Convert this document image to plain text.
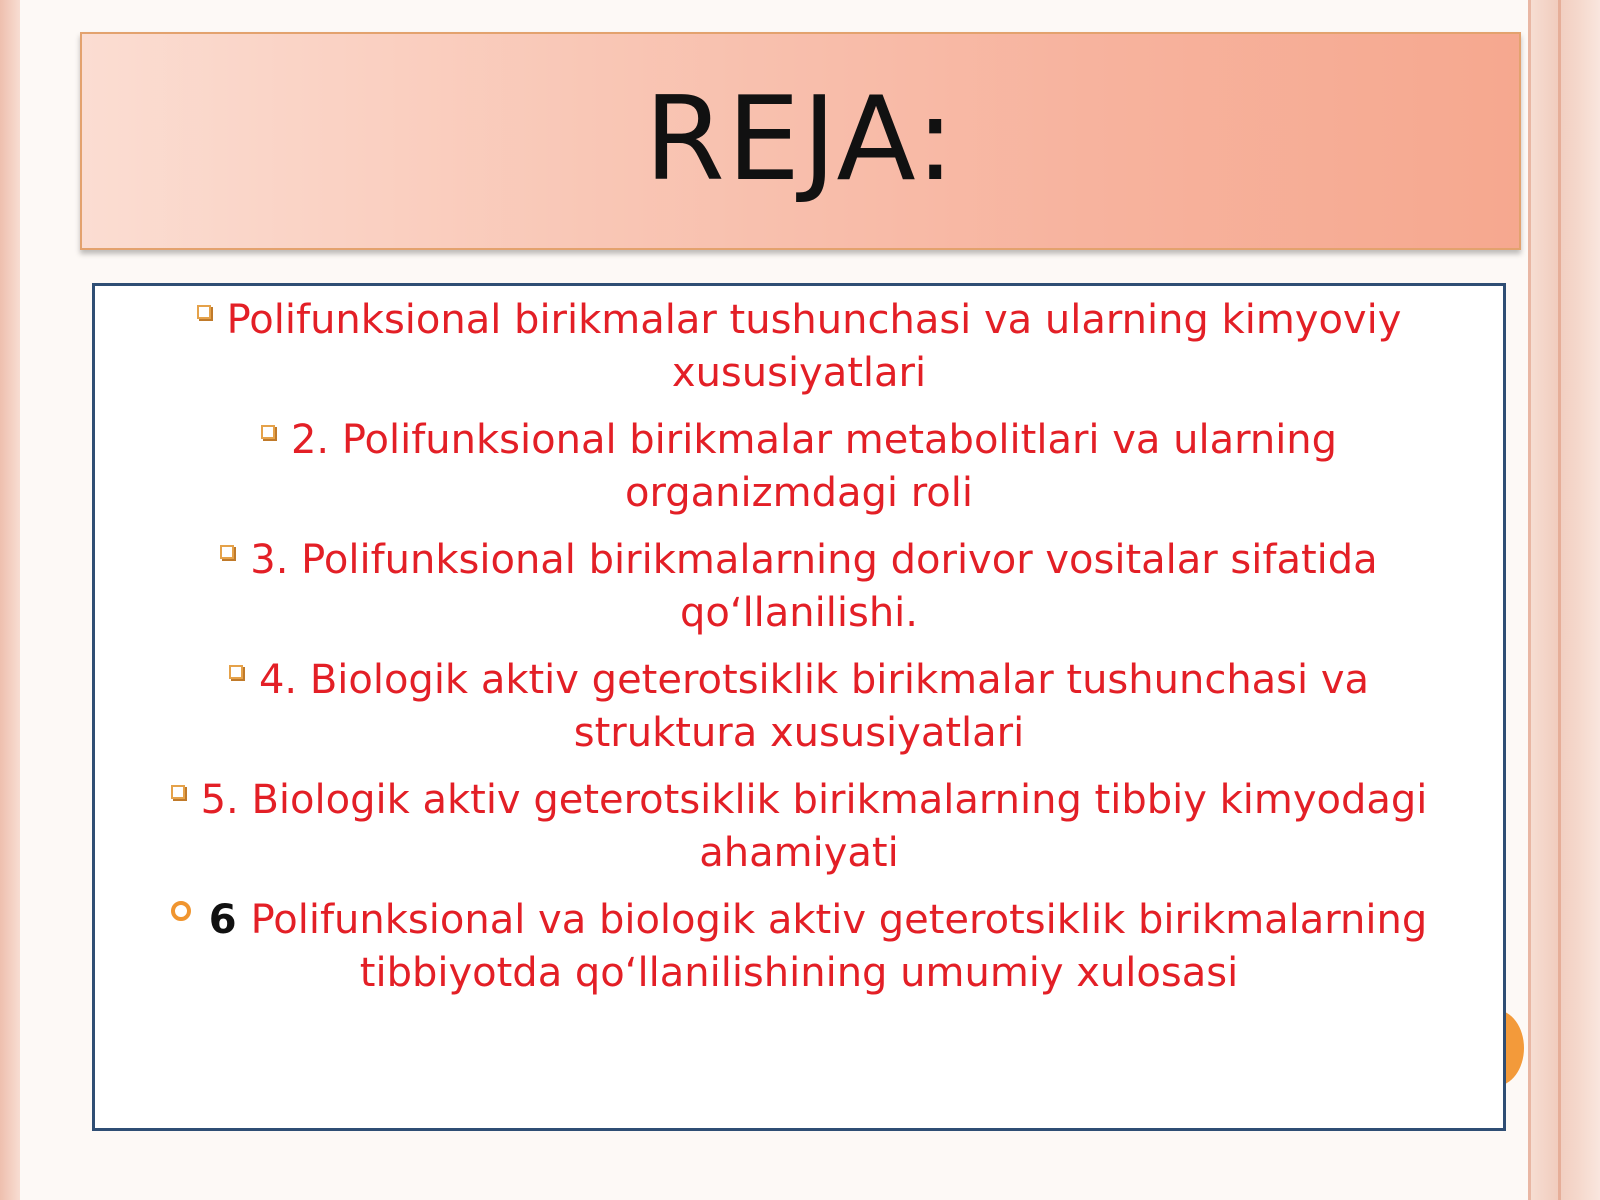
REJA:
Polifunksional birikmalar tushunchasi va ularning kimyoviy
xususiyatlari
2. Polifunksional birikmalar metabolitlari va ularning
organizmdagi roli
3. Polifunksional birikmalarning dorivor vositalar sifatida
qo‘llanilishi.
4. Biologik aktiv geterotsiklik birikmalar tushunchasi va
struktura xususiyatlari
5. Biologik aktiv geterotsiklik birikmalarning tibbiy kimyodagi
ahamiyati
6 Polifunksional va biologik aktiv geterotsiklik birikmalarning
tibbiyotda qo‘llanilishining umumiy xulosasi
